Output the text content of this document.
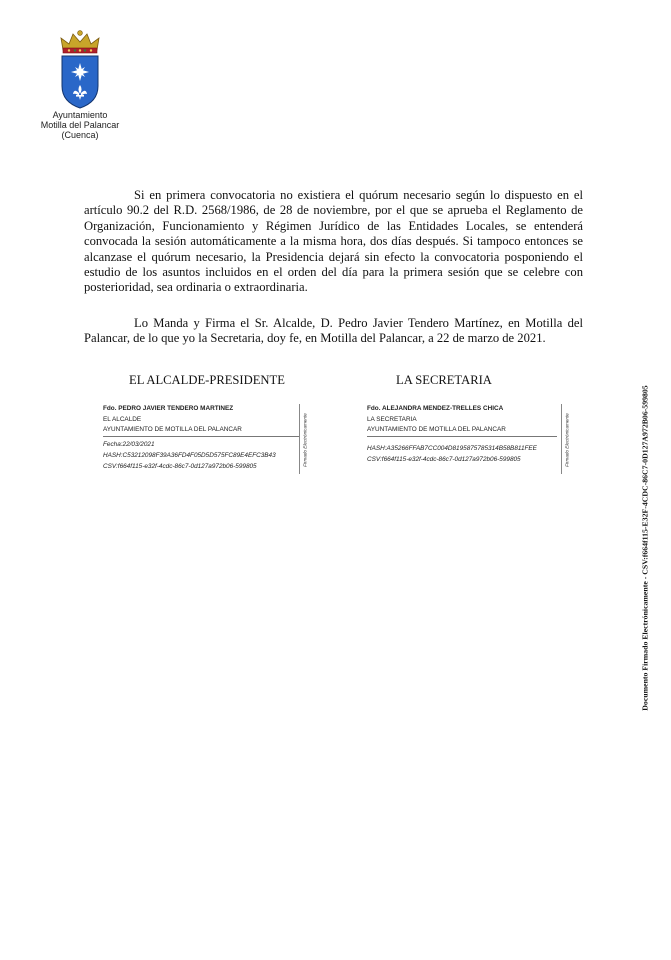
Ayuntamiento
Motilla del Palancar
(Cuenca)

Si en primera convocatoria no existiera el quórum necesario según lo dispuesto en el artículo 90.2 del R.D. 2568/1986, de 28 de noviembre, por el que se aprueba el Reglamento de Organización, Funcionamiento y Régimen Jurídico de las Entidades Locales, se entenderá convocada la sesión automáticamente a la misma hora, dos días después. Si tampoco entonces se alcanzase el quórum necesario, la Presidencia dejará sin efecto la convocatoria posponiendo el estudio de los asuntos incluidos en el orden del día para la primera sesión que se celebre con posterioridad, sea ordinaria o extraordinaria.

Lo Manda y Firma el Sr. Alcalde, D. Pedro Javier Tendero Martínez, en Motilla del Palancar, de lo que yo la Secretaria, doy fe, en Motilla del Palancar, a 22 de marzo de 2021.

EL ALCALDE-PRESIDENTE	LA SECRETARIA

Fdo. PEDRO JAVIER TENDERO MARTINEZ
EL ALCALDE
AYUNTAMIENTO DE MOTILLA DEL PALANCAR
Fecha:22/03/2021
HASH:C53212098F39A36FD4F05D5D575FC89E4EFC3B43
CSV:f664f115-e32f-4cdc-86c7-0d127a972b06-599805	Firmado Electrónicamente
Fdo. ALEJANDRA MENDEZ-TRELLES CHICA
LA SECRETARIA
AYUNTAMIENTO DE MOTILLA DEL PALANCAR
HASH:A35266FFAB7CC004D8195875785314B58B811FEE
CSV:f664f115-e32f-4cdc-86c7-0d127a972b06-599805	Firmado Electrónicamente	Documento Firmado Electrónicamente - CSV:f664f115-E32F-4CDC-86C7-0D127A972B06-599805
